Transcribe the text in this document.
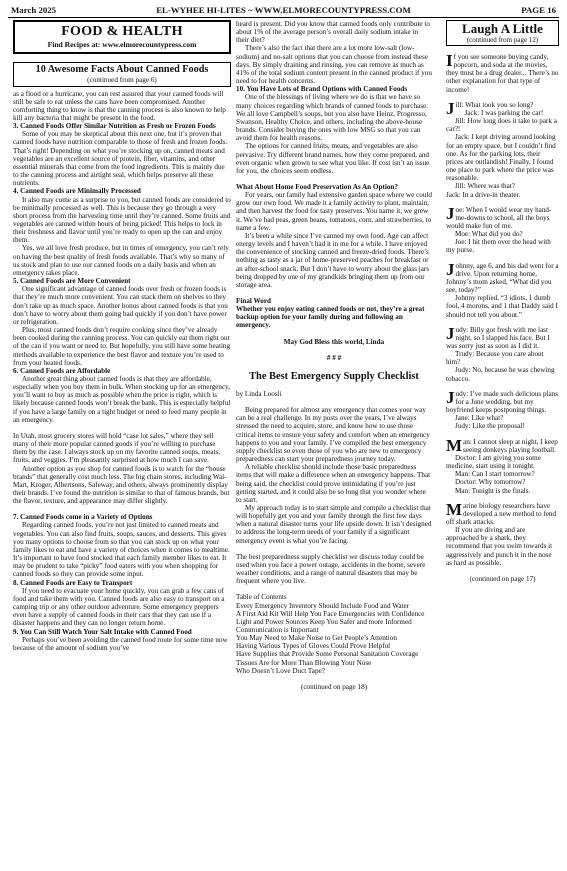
March 2025	EL-WYHEE HI-LITES ~ WWW.ELMORECOUNTYPRESS.COM	PAGE 16
FOOD & HEALTH
Find Recipes at: www.elmorecountypress.com
10 Awesome Facts About Canned Foods
(continued from page 6)

as a flood or a hurricane, you can rest assured that your canned foods will still be safe to eat unless the cans have been compromised. Another comforting thing to know is that the canning process is also known to help kill any bacteria that might be present in the food.

3. Canned Foods Offer Similar Nutrition as Fresh or Frozen Foods

Some of you may be skeptical about this next one, but it’s proven that canned foods have nutrition comparable to those of fresh and frozen foods. That’s right! Depending on what you’re stocking up on, canned meats and vegetables are an excellent source of protein, fiber, vitamins, and other essential minerals that come from the food ingredients. This is mainly due to the canning process and airtight seal, which helps preserve all these nutrients.

4. Canned Foods are Minimally Processed

It also may come as a surprise to you, but canned foods are considered to be minimally processed as well. This is because they go through a very short process from the harvesting time until they’re canned. Some fruits and vegetables are canned within hours of being picked! This helps to lock in their freshness and flavor until you’re ready to open up the can and enjoy them.

Yes, we all love fresh produce, but in times of emergency, you can’t rely on having the best quality of fresh foods available. That’s why so many of us stock and plan to use our canned foods on a daily basis and when an emergency takes place.

5. Canned Foods are More Convenient

One significant advantage of canned foods over fresh or frozen foods is that they’re much more convenient. You can stack them on shelves so they don’t take up as much space. Another bonus about canned foods is that you don’t have to worry about them going bad quickly if you don’t have power or refrigeration.

Plus, most canned foods don’t require cooking since they’ve already been cooked during the canning process. You can quickly eat them right out of the can if you want or need to. But hopefully, you still have some heating methods available to experience the best flavor and texture you’re used to from your heated foods.

6. Canned Foods are Affordable

Another great thing about canned foods is that they are affordable, especially when you buy them in bulk. When stocking up for an emergency, you’ll want to buy as much as possible when the price is right, which is likely because canned foods won’t break the bank. This is especially helpful if you have a large family on a tight budget or need to feed many people in an emergency.

In Utah, most grocery stores will hold “case lot sales,” where they sell many of their more popular canned goods if you’re willing to purchase them by the case. I always stock up on my favorite canned soups, meats, fruits, and veggies. I’m pleasantly surprised at how much I can save.

Another option as you shop for canned foods is to watch for the “house brands” that generally cost much less. The big chain stores, including Wal-Mart, Kroger, Albertsons, Safeway, and others, always prominently display their brands. I’ve found the nutrition is similar to that of famous brands, but the flavor, texture, and appearance may differ slightly.

7. Canned Foods come in a Variety of Options

Regarding canned foods, you’re not just limited to canned meats and vegetables. You can also find fruits, soups, sauces, and desserts. This gives you many options to choose from so that you can stock up on what your family likes to eat and have a variety of choices when it comes to mealtime. It’s important to have food stocked that each family member likes to eat. It may be prudent to take “picky” food eaters with you when shopping for canned foods so they can provide some input.

8. Canned Foods are Easy to Transport

If you need to evacuate your home quickly, you can grab a few cans of food and take them with you. Canned foods are also easy to transport on a camping trip or any other outdoor adventure. Some emergency preppers even have a supply of canned foods in their cars that they can use if a disaster happens and they can no longer return home.

9. You Can Still Watch Your Salt Intake with Canned Food

Perhaps you’ve been avoiding the canned food route for some time now because of the amount of sodium you’ve

heard is present. Did you know that canned foods only contribute to about 1% of the average person’s overall daily sodium intake in their diet?

There’s also the fact that there are a lot more low-salt (low-sodium) and no-salt options that you can choose from instead these days. By simply draining and rinsing, you can remove as much as 41% of the total sodium content present in the canned product if you need to for health concerns.

10. You Have Lots of Brand Options with Canned Foods

One of the blessings of living where we do is that we have so many choices regarding which brands of canned foods to purchase. We all love Campbell’s soups, but you also have Heinz, Progresso, Swanson, Healthy Choice, and others, including the above-house brands. Consider buying the ones with low MSG so that you can avoid them for health reasons.

The options for canned fruits, meats, and vegetables are also pervasive. Try different brand names, how they come prepared, and even organic when grown to see what you like. If cost isn’t an issue for you, the choices seem endless.

What About Home Food Preservation As An Option?

For years, our family had extensive garden space where we could grow our own food. We made it a family activity to plant, maintain, and then harvest the food for tasty preserves. You name it, we grew it. We’ve had peas, green beans, tomatoes, corn, and strawberries, to name a few.

It’s been a while since I’ve canned my own food. Age can affect energy levels and I haven’t had it in me for a while. I have enjoyed the convenience of stocking canned and freeze-dried foods. There’s nothing as tasty as a jar of home-preserved peaches for breakfast or an after-school snack. But I don’t have to worry about the glass jars being dropped by one of my grandkids bringing them up from our storage area.

Final Word

Whether you enjoy eating canned foods or not, they’re a great backup option for your family during and following an emergency.

May God Bless this world, Linda

# # #

The Best Emergency Supply Checklist

by Linda Loosli

Being prepared for almost any emergency that comes your way can be a real challenge. In my posts over the years, I’ve always stressed the need to acquire, store, and know how to use those critical items to ensure your safety and comfort when an emergency happens to you and your family. I’ve compiled the best emergency supply checklist so even those of you who are new to emergency preparedness can start your preparedness journey today.

A reliable checklist should include those basic preparedness items that will make a difference when an emergency happens. That being said, the checklist could prove intimidating if you’re just getting started, and it could also be so long that you wonder where to start.

My approach today is to start simple and compile a checklist that will hopefully get you and your family through the first few days when a natural disaster turns your life upside down. It isn’t designed to address the long-term needs of your family if a significant emergency event is what you’re facing.

The best preparedness supply checklist we discuss today could be used when you face a power outage, accidents in the home, severe weather conditions, and a range of natural disasters that may be frequent where you live.

Table of Contents

Every Emergency Inventory Should Include Food and Water

A First Aid Kit Will Help You Face Emergencies with Confidence

Light and Power Sources Keep You Safer and more Informed

Communication is Important

You May Need to Make Noise to Get People’s Attention

Having Various Types of Gloves Could Prove Helpful

Have Supplies that Provide Some Personal Sanitation Coverage

Tissues Are for More Than Blowing Your Nose

Who Doesn’t Love Duct Tape?

(continued on page 18)

Laugh A Little
(continued from page 12)

If you see someone buying candy, popcorn, and soda at the movies, they must be a drug dealer... There’s no other explanation for that type of income!

Jill: What took you so long?

Jack: I was parking the car!

Jill: How long does it take to park a car?!

Jack: I kept driving around looking for an empty space, but I couldn’t find one. As for the parking lots, their prices are outlandish! Finally, I found one place to park where the price was reasonable.

Jill: Where was that?

Jack: In a drive-in theater.

Joe: When I would wear my hand-me-downs to school, all the boys would make fun of me.

Moe: What did you do?

Joe: I hit them over the head with my purse.

Johnny, age 6, and his dad went for a drive. Upon returning home, Johnny’s mom asked, “What did you see, today?”

Johnny replied, “3 idiots, 1 dumb fool, 4 morons, and 1 that Daddy said I should not tell you about.”

Judy: Billy got fresh with me last night, so I slapped his face. But I was sorry just as soon as I did it.

Trudy: Because you care about him?

Judy: No, because he was chewing tobacco.

Judy: I’ve made such delicious plans for a June wedding, but my boyfriend keeps postponing things.

Jane: Like what?

Judy: Like the proposal!

Man: I cannot sleep at night, I keep seeing donkeys playing football.

Doctor: I am giving you some medicine, start using it tonight.

Man: Can I start tomorrow?

Doctor: Why tomorrow?

Man: Tonight is the finals.

Marine biology researchers have developed a new method to fend off shark attacks.

If you are diving and are approached by a shark, they recommend that you swim towards it aggressively and punch it in the nose as hard as possible.

(continued on page 17)
